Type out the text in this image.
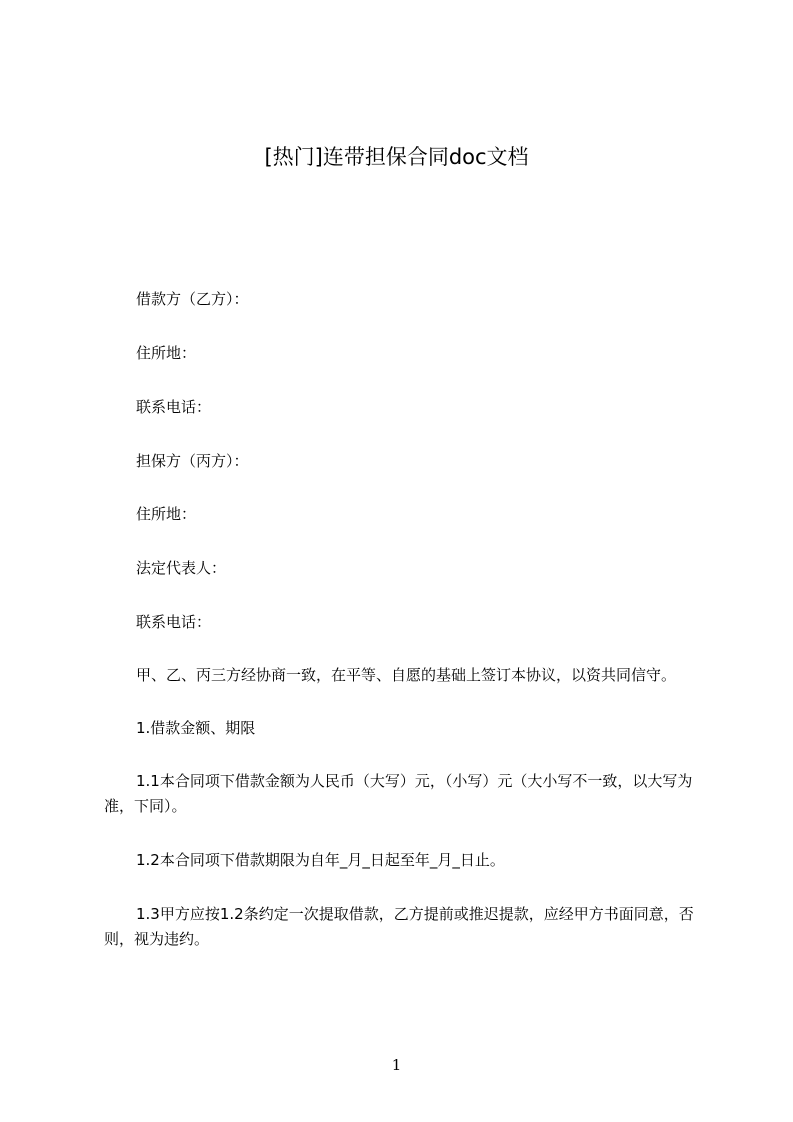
[热门]连带担保合同doc文档
借款方（乙方）：
住所地：
联系电话：
担保方（丙方）：
住所地：
法定代表人：
联系电话：
甲、乙、丙三方经协商一致，在平等、自愿的基础上签订本协议，以资共同信守。
1.借款金额、期限
1.1本合同项下借款金额为人民币（大写）元，（小写）元（大小写不一致，以大写为准，下同）。
1.2本合同项下借款期限为自年_月_日起至年_月_日止。
1.3甲方应按1.2条约定一次提取借款，乙方提前或推迟提款，应经甲方书面同意，否则，视为违约。
1
